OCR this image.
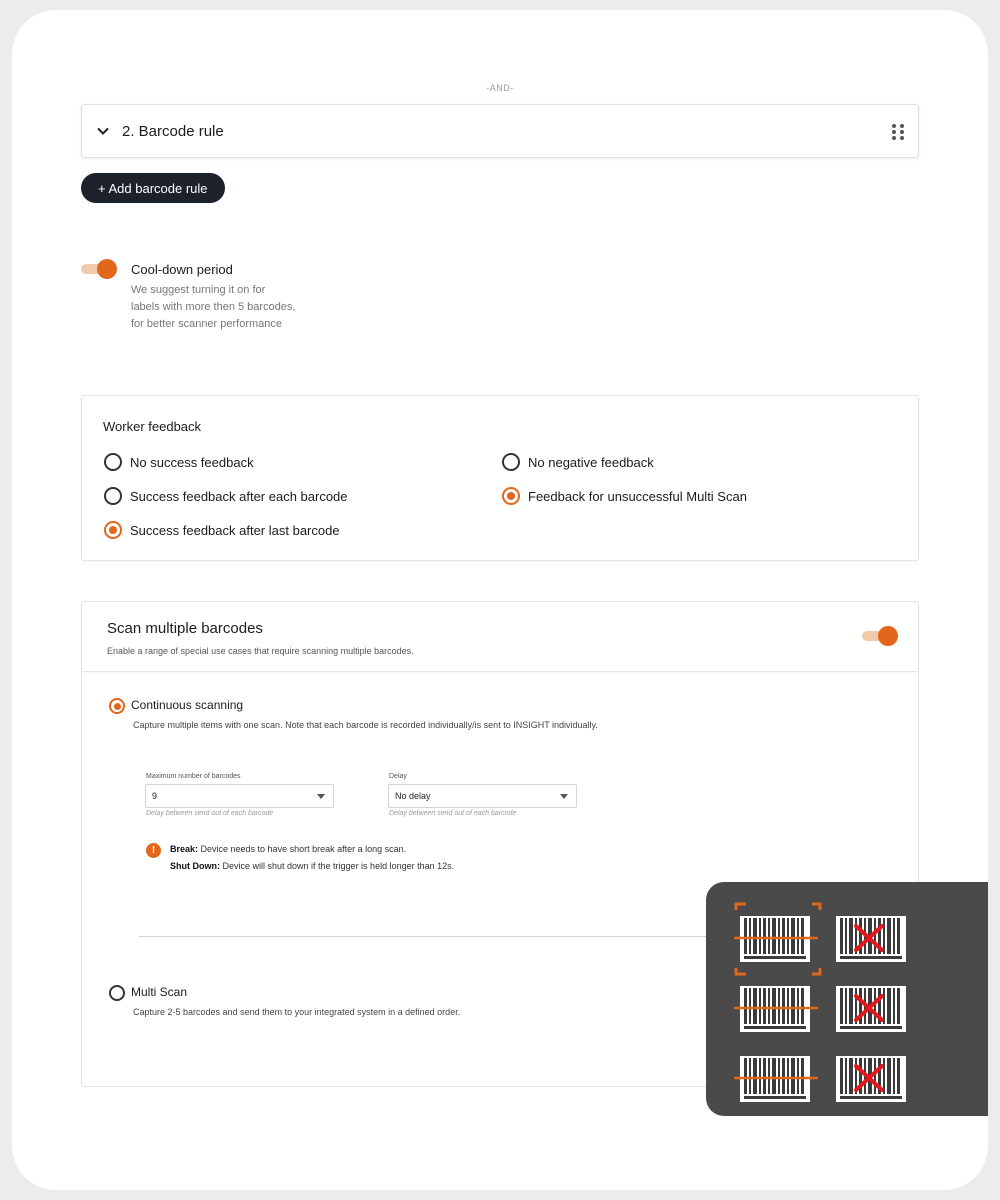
-AND-
2. Barcode rule
+ Add barcode rule
Cool-down period
We suggest turning it on for
labels with more then 5 barcodes,
for better scanner performance
Worker feedback
No success feedback
Success feedback after each barcode
Success feedback after last barcode
No negative feedback
Feedback for unsuccessful Multi Scan
Scan multiple barcodes
Enable a range of special use cases that require scanning multiple barcodes.
Continuous scanning
Capture multiple items with one scan. Note that each barcode is recorded individually/is sent to INSIGHT individually.
Maximum number of barcodes
9
Delay between send out of each barcode
Delay
No delay
Delay between send out of each barcode
!	Break: Device needs to have short break after a long scan.
Shut Down: Device will shut down if the trigger is held longer than 12s.
Multi Scan
Capture 2-5 barcodes and send them to your integrated system in a defined order.
